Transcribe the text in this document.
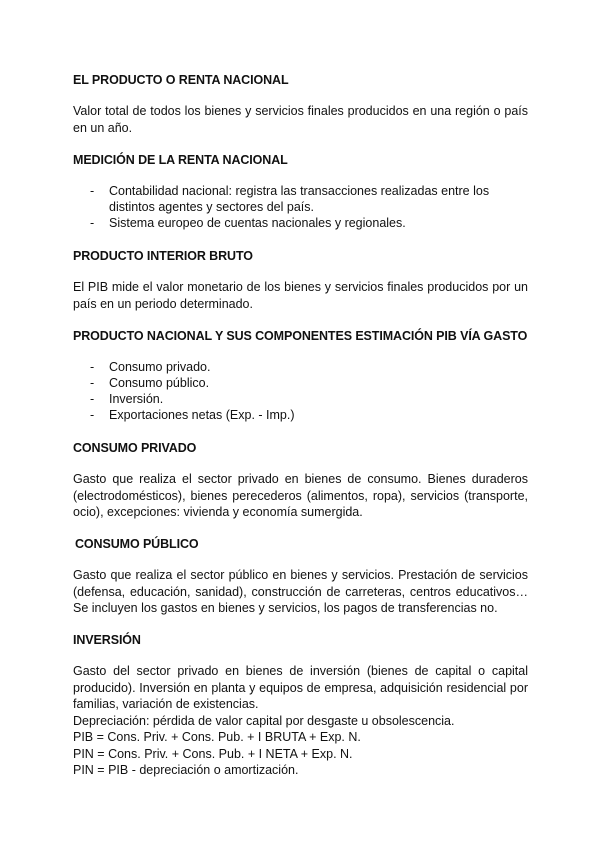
EL PRODUCTO O RENTA NACIONAL

Valor total de todos los bienes y servicios finales producidos en una región o país en un año.

MEDICIÓN DE LA RENTA NACIONAL
- Contabilidad nacional: registra las transacciones realizadas entre los distintos agentes y sectores del país.
- Sistema europeo de cuentas nacionales y regionales.
PRODUCTO INTERIOR BRUTO

El PIB mide el valor monetario de los bienes y servicios finales producidos por un país en un periodo determinado.

PRODUCTO NACIONAL Y SUS COMPONENTES ESTIMACIÓN PIB VÍA GASTO
- Consumo privado.
- Consumo público.
- Inversión.
- Exportaciones netas (Exp. - Imp.)
CONSUMO PRIVADO

Gasto que realiza el sector privado en bienes de consumo. Bienes duraderos (electrodomésticos), bienes perecederos (alimentos, ropa), servicios (transporte, ocio), excepciones: vivienda y economía sumergida.

CONSUMO PÚBLICO

Gasto que realiza el sector público en bienes y servicios. Prestación de servicios (defensa, educación, sanidad), construcción de carreteras, centros educativos… Se incluyen los gastos en bienes y servicios, los pagos de transferencias no.

INVERSIÓN

Gasto del sector privado en bienes de inversión (bienes de capital o capital producido). Inversión en planta y equipos de empresa, adquisición residencial por familias, variación de existencias.

Depreciación: pérdida de valor capital por desgaste u obsolescencia.

PIB = Cons. Priv. + Cons. Pub. + I BRUTA + Exp. N.

PIN = Cons. Priv. + Cons. Pub. + I NETA + Exp. N.

PIN = PIB - depreciación o amortización.
